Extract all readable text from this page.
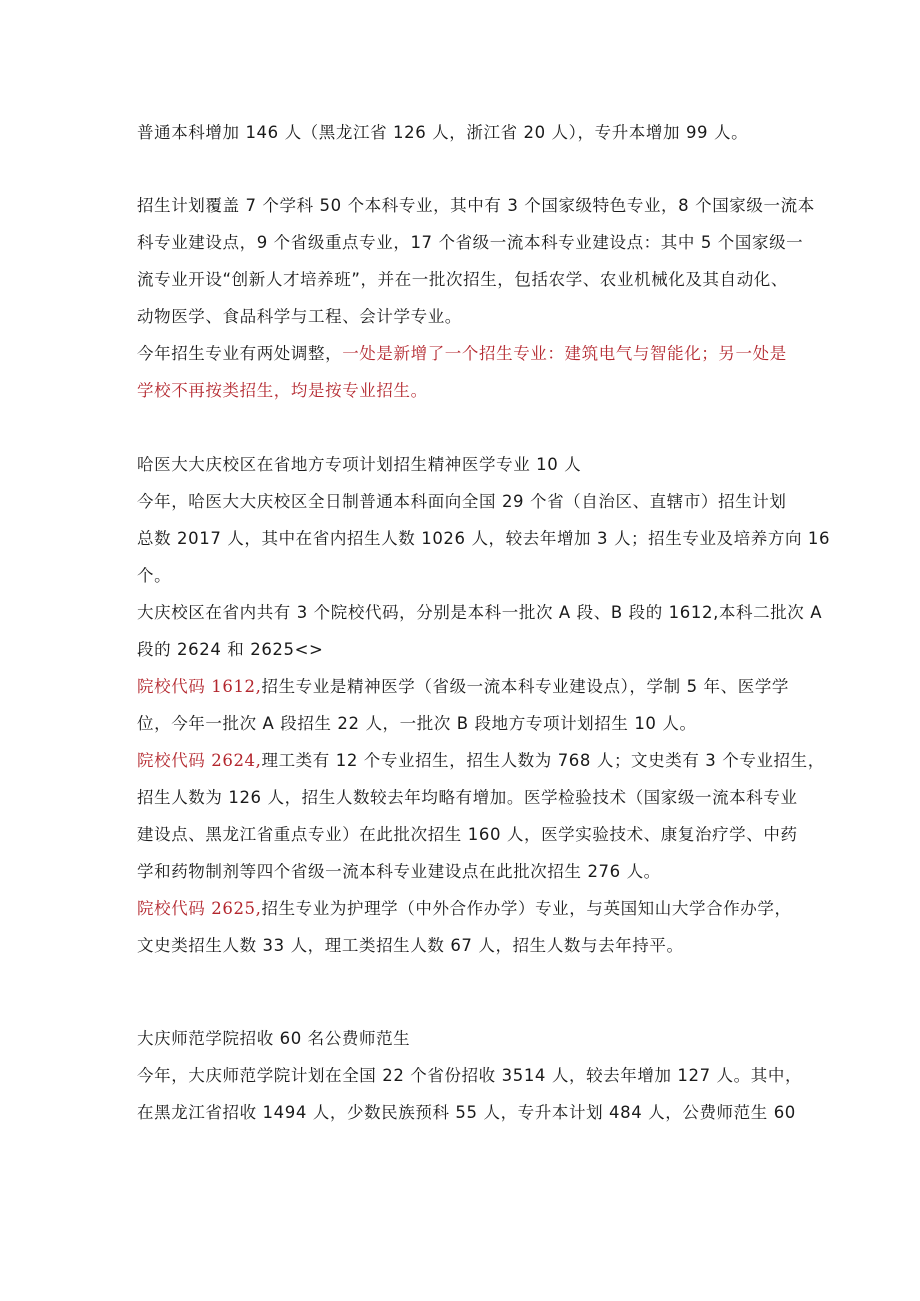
普通本科增加 146 人（黑龙江省 126 人，浙江省 20 人），专升本增加 99 人。
招生计划覆盖 7 个学科 50 个本科专业，其中有 3 个国家级特色专业，8 个国家级一流本
科专业建设点，9 个省级重点专业，17 个省级一流本科专业建设点：其中 5 个国家级一
流专业开设“创新人才培养班”，并在一批次招生，包括农学、农业机械化及其自动化、
动物医学、食品科学与工程、会计学专业。
今年招生专业有两处调整，一处是新增了一个招生专业：建筑电气与智能化；另一处是
学校不再按类招生，均是按专业招生。
哈医大大庆校区在省地方专项计划招生精神医学专业 10 人
今年，哈医大大庆校区全日制普通本科面向全国 29 个省（自治区、直辖市）招生计划
总数 2017 人，其中在省内招生人数 1026 人，较去年增加 3 人；招生专业及培养方向 16
个。
大庆校区在省内共有 3 个院校代码，分别是本科一批次 A 段、B 段的 1612,本科二批次 A
段的 2624 和 2625<>
院校代码 1612,招生专业是精神医学（省级一流本科专业建设点），学制 5 年、医学学
位，今年一批次 A 段招生 22 人，一批次 B 段地方专项计划招生 10 人。
院校代码 2624,理工类有 12 个专业招生，招生人数为 768 人；文史类有 3 个专业招生，
招生人数为 126 人，招生人数较去年均略有增加。医学检验技术（国家级一流本科专业
建设点、黑龙江省重点专业）在此批次招生 160 人，医学实验技术、康复治疗学、中药
学和药物制剂等四个省级一流本科专业建设点在此批次招生 276 人。
院校代码 2625,招生专业为护理学（中外合作办学）专业，与英国知山大学合作办学，
文史类招生人数 33 人，理工类招生人数 67 人，招生人数与去年持平。
大庆师范学院招收 60 名公费师范生
今年，大庆师范学院计划在全国 22 个省份招收 3514 人，较去年增加 127 人。其中，
在黑龙江省招收 1494 人，少数民族预科 55 人，专升本计划 484 人，公费师范生 60
